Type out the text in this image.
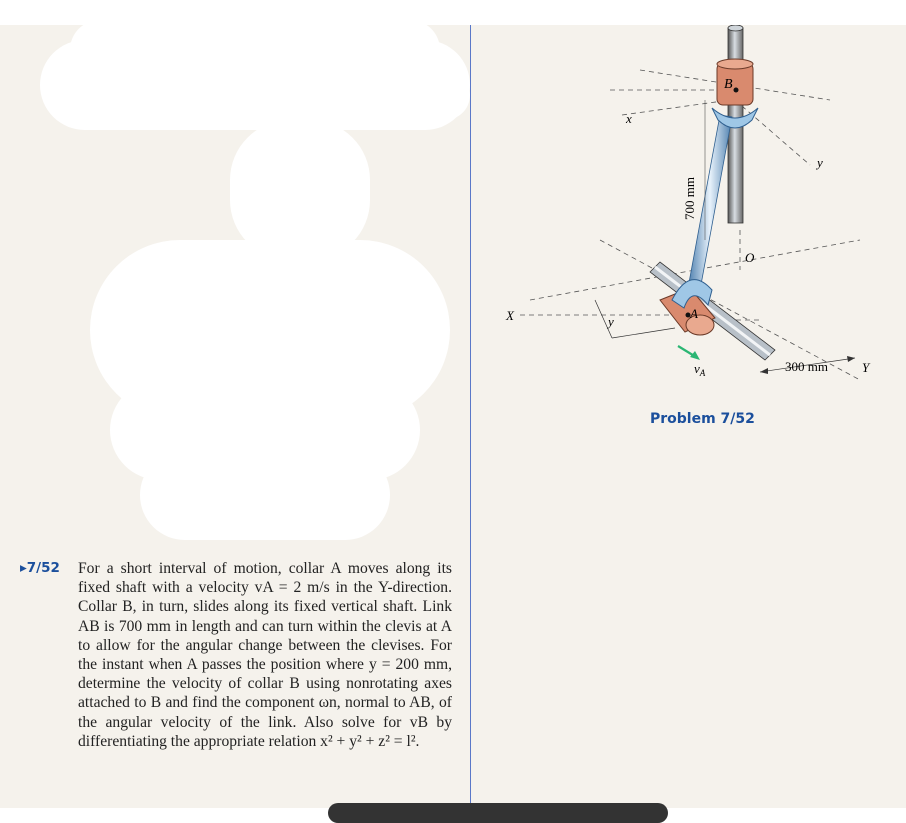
B
A
O
x
y
y
X
Y
700 mm
300 mm
$v_A$
Problem 7/52
▸7/52	For a short interval of motion, collar A moves along its fixed shaft with a velocity vA = 2 m/s in the Y-direction. Collar B, in turn, slides along its fixed vertical shaft. Link AB is 700 mm in length and can turn within the clevis at A to allow for the angular change between the clevises. For the instant when A passes the position where y = 200 mm, determine the velocity of collar B using nonrotating axes attached to B and find the component ωn, normal to AB, of the angular velocity of the link. Also solve for vB by differentiating the appropriate relation x² + y² + z² = l².
